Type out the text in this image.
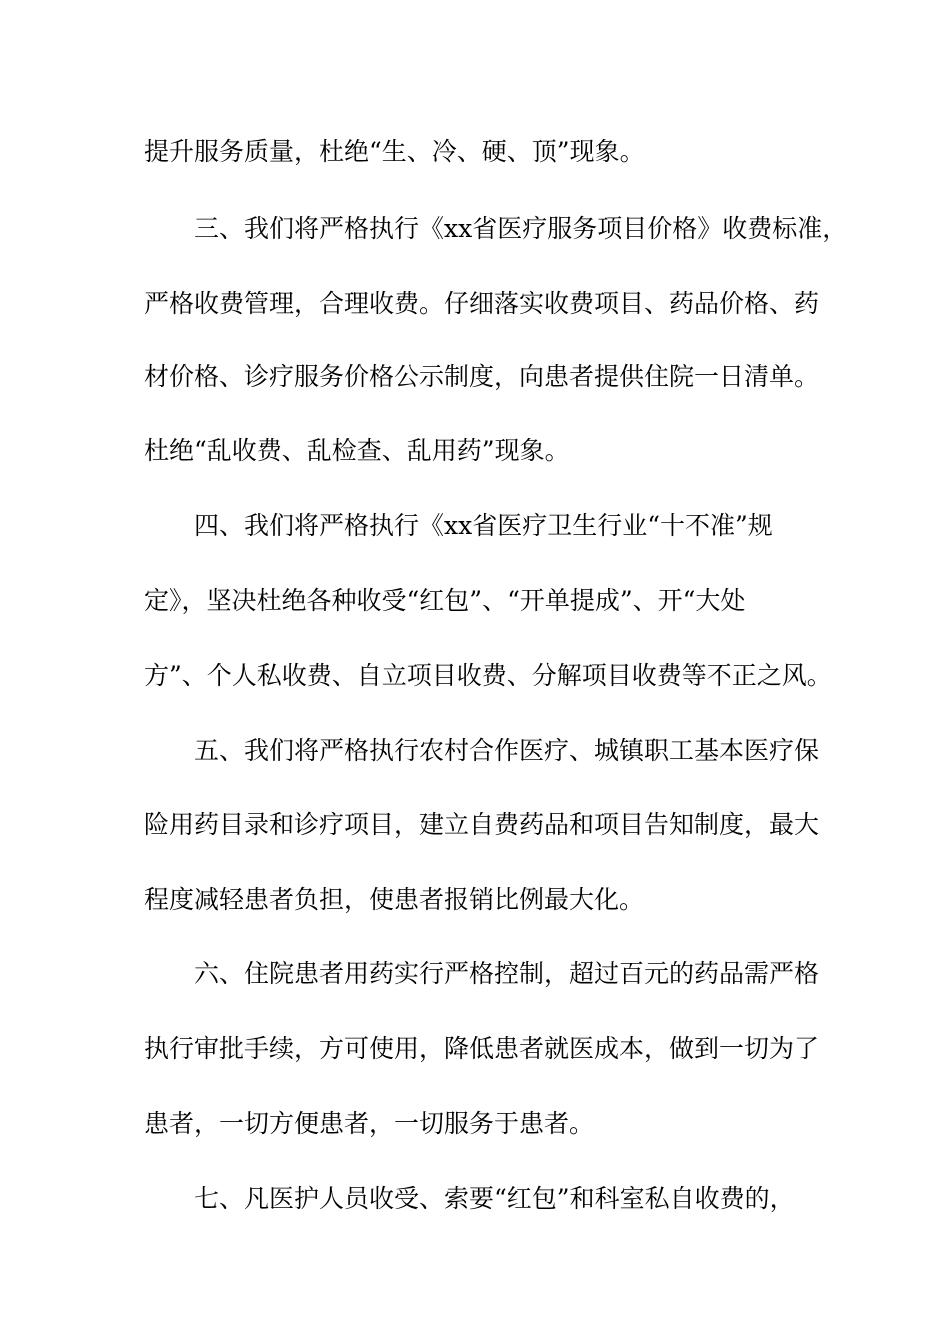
提升服务质量，杜绝“生、冷、硬、顶”现象。
三、我们将严格执行《xx省医疗服务项目价格》收费标准，
严格收费管理，合理收费。仔细落实收费项目、药品价格、药
材价格、诊疗服务价格公示制度，向患者提供住院一日清单。
杜绝“乱收费、乱检查、乱用药”现象。
四、我们将严格执行《xx省医疗卫生行业“十不准”规
定》，坚决杜绝各种收受“红包”、“开单提成”、开“大处
方”、个人私收费、自立项目收费、分解项目收费等不正之风。
五、我们将严格执行农村合作医疗、城镇职工基本医疗保
险用药目录和诊疗项目，建立自费药品和项目告知制度，最大
程度减轻患者负担，使患者报销比例最大化。
六、住院患者用药实行严格控制，超过百元的药品需严格
执行审批手续，方可使用，降低患者就医成本，做到一切为了
患者，一切方便患者，一切服务于患者。
七、凡医护人员收受、索要“红包”和科室私自收费的，
